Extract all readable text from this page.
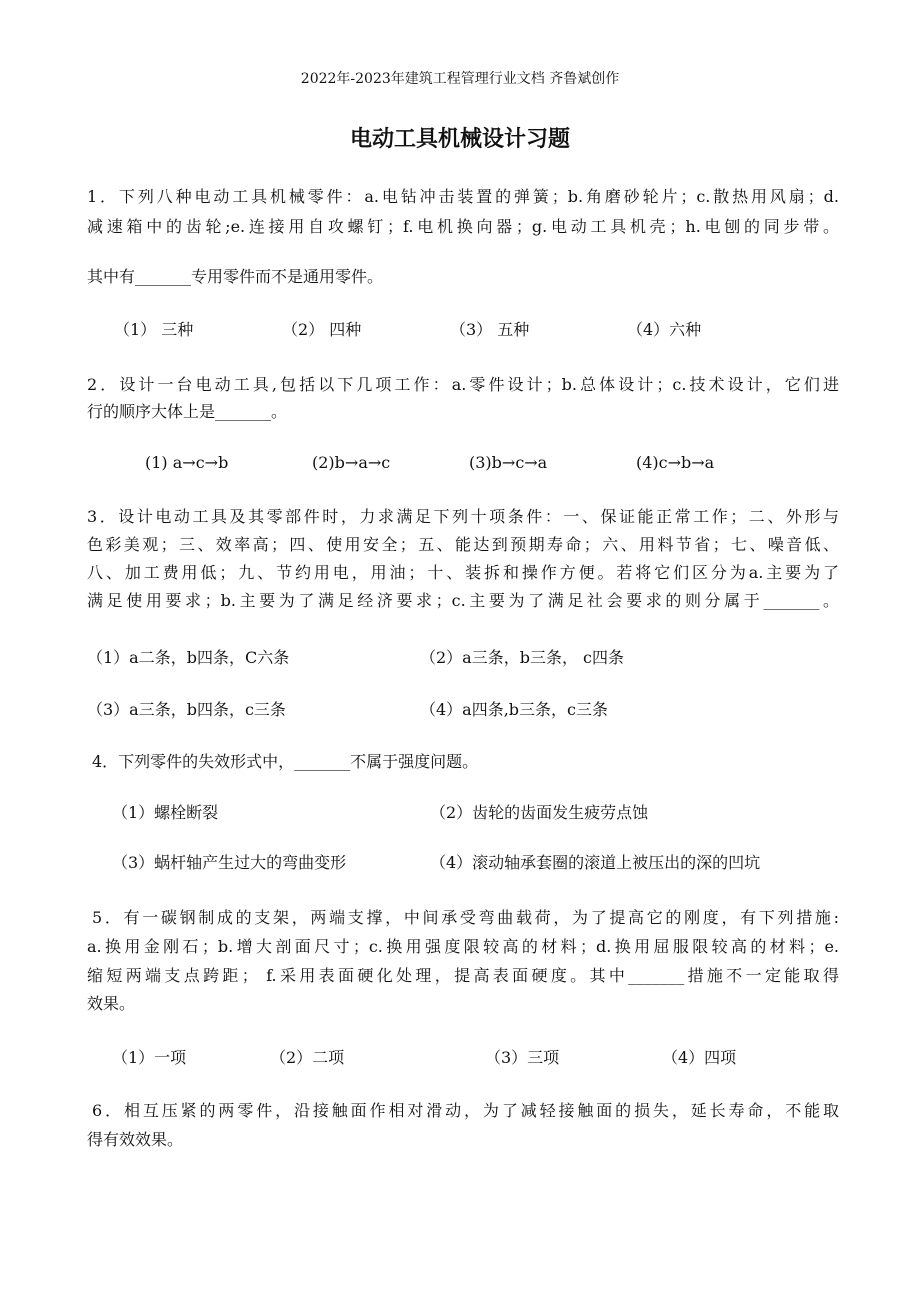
2022年-2023年建筑工程管理行业文档 齐鲁斌创作
电动工具机械设计习题
1．下列八种电动工具机械零件：a.电钻冲击装置的弹簧；b.角磨砂轮片；c.散热用风扇；d.
减速箱中的齿轮;e.连接用自攻螺钉；f.电机换向器；g.电动工具机壳；h.电刨的同步带。
其中有_______专用零件而不是通用零件。
（1） 三种	（2） 四种	（3） 五种	（4）六种
2．设计一台电动工具,包括以下几项工作：a.零件设计；b.总体设计；c.技术设计，它们进
行的顺序大体上是_______。
(1) a→c→b	(2)b→a→c	(3)b→c→a	(4)c→b→a
3．设计电动工具及其零部件时，力求满足下列十项条件：一、保证能正常工作；二、外形与
色彩美观；三、效率高；四、使用安全；五、能达到预期寿命；六、用料节省；七、噪音低、
八、加工费用低；九、节约用电，用油；十、装拆和操作方便。若将它们区分为a.主要为了
满足使用要求；b.主要为了满足经济要求；c.主要为了满足社会要求的则分属于_______。
（1）a二条，b四条，C六条	（2）a三条，b三条， c四条
（3）a三条，b四条，c三条	（4）a四条,b三条，c三条
4．下列零件的失效形式中，_______不属于强度问题。
（1）螺栓断裂	（2）齿轮的齿面发生疲劳点蚀
（3）蜗杆轴产生过大的弯曲变形	（4）滚动轴承套圈的滚道上被压出的深的凹坑
5．有一碳钢制成的支架，两端支撑，中间承受弯曲载荷，为了提高它的刚度，有下列措施:
a.换用金刚石；b.增大剖面尺寸；c.换用强度限较高的材料；d.换用屈服限较高的材料；e.
缩短两端支点跨距； f.采用表面硬化处理，提高表面硬度。其中_______措施不一定能取得
效果。
（1）一项	（2）二项	（3）三项	（4）四项
6．相互压紧的两零件，沿接触面作相对滑动，为了减轻接触面的损失，延长寿命，不能取
得有效效果。
